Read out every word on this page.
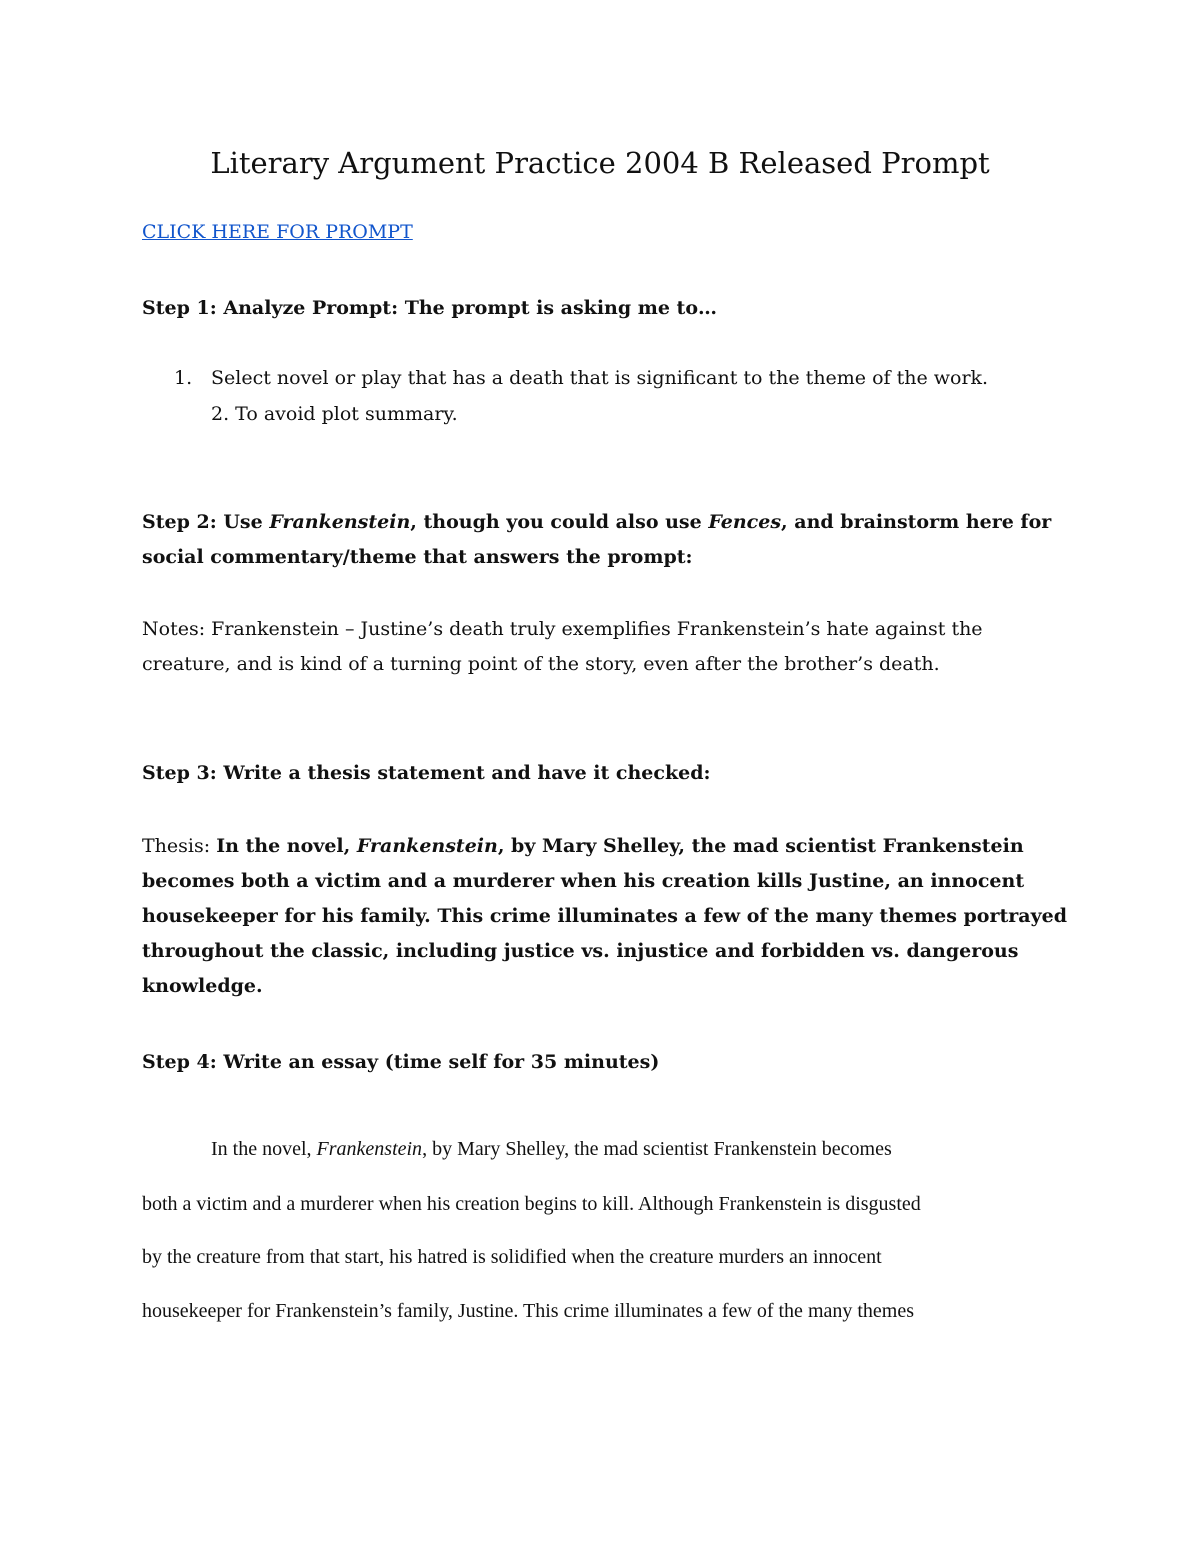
Literary Argument Practice 2004 B Released Prompt
CLICK HERE FOR PROMPT

Step 1: Analyze Prompt: The prompt is asking me to…

1. Select novel or play that has a death that is significant to the theme of the work.
2. To avoid plot summary.

Step 2: Use Frankenstein, though you could also use Fences, and brainstorm here for social commentary/theme that answers the prompt:

Notes: Frankenstein – Justine’s death truly exemplifies Frankenstein’s hate against the creature, and is kind of a turning point of the story, even after the brother’s death.

Step 3: Write a thesis statement and have it checked:

Thesis: In the novel, Frankenstein, by Mary Shelley, the mad scientist Frankenstein becomes both a victim and a murderer when his creation kills Justine, an innocent housekeeper for his family. This crime illuminates a few of the many themes portrayed throughout the classic, including justice vs. injustice and forbidden vs. dangerous knowledge.

Step 4: Write an essay (time self for 35 minutes)

In the novel, Frankenstein, by Mary Shelley, the mad scientist Frankenstein becomes
both a victim and a murderer when his creation begins to kill. Although Frankenstein is disgusted
by the creature from that start, his hatred is solidified when the creature murders an innocent
housekeeper for Frankenstein’s family, Justine. This crime illuminates a few of the many themes
